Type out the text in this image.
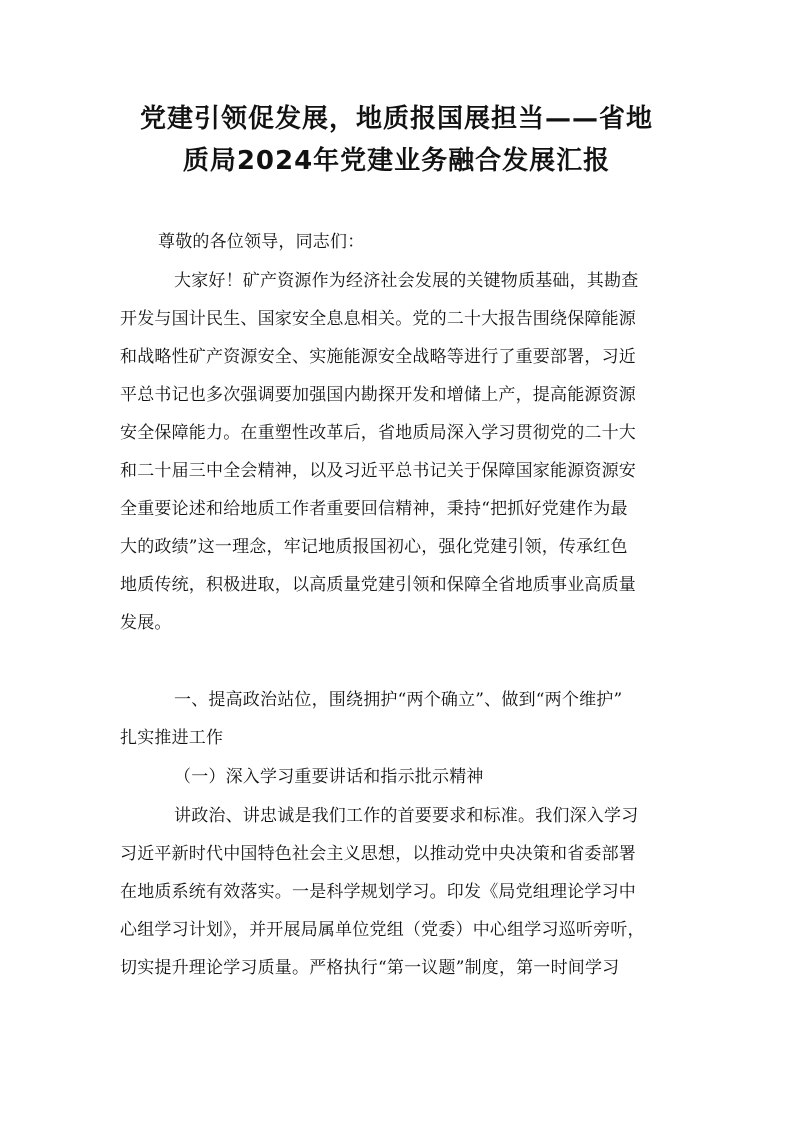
党建引领促发展，地质报国展担当——省地
质局2024年党建业务融合发展汇报
尊敬的各位领导，同志们：
大家好！矿产资源作为经济社会发展的关键物质基础，其勘查
开发与国计民生、国家安全息息相关。党的二十大报告围绕保障能源
和战略性矿产资源安全、实施能源安全战略等进行了重要部署，习近
平总书记也多次强调要加强国内勘探开发和增储上产，提高能源资源
安全保障能力。在重塑性改革后，省地质局深入学习贯彻党的二十大
和二十届三中全会精神，以及习近平总书记关于保障国家能源资源安
全重要论述和给地质工作者重要回信精神，秉持“把抓好党建作为最
大的政绩”这一理念，牢记地质报国初心，强化党建引领，传承红色
地质传统，积极进取，以高质量党建引领和保障全省地质事业高质量
发展。
一、提高政治站位，围绕拥护“两个确立”、做到“两个维护”
扎实推进工作
（一）深入学习重要讲话和指示批示精神
讲政治、讲忠诚是我们工作的首要要求和标准。我们深入学习
习近平新时代中国特色社会主义思想，以推动党中央决策和省委部署
在地质系统有效落实。一是科学规划学习。印发《局党组理论学习中
心组学习计划》，并开展局属单位党组（党委）中心组学习巡听旁听，
切实提升理论学习质量。严格执行“第一议题”制度，第一时间学习
